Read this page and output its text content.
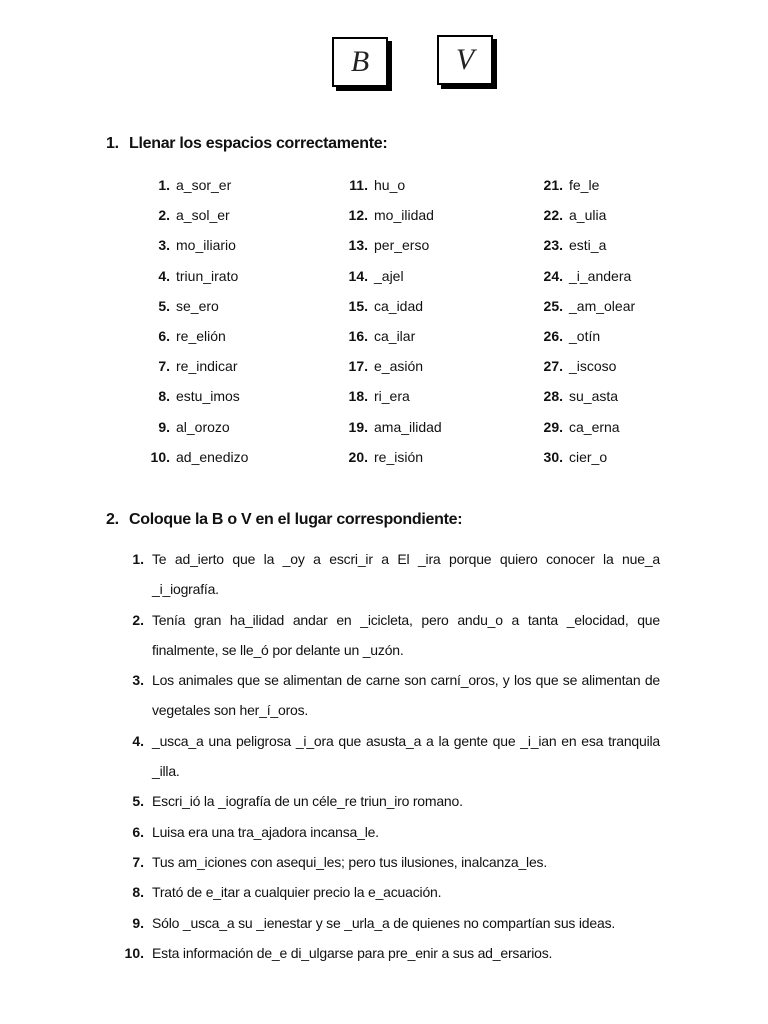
B	V
1. Llenar los espacios correctamente:
1. a_sor_er
2. a_sol_er
3. mo_iliario
4. triun_irato
5. se_ero
6. re_elión
7. re_indicar
8. estu_imos
9. al_orozo
10. ad_enedizo
11. hu_o
12. mo_ilidad
13. per_erso
14. _ajel
15. ca_idad
16. ca_ilar
17. e_asión
18. ri_era
19. ama_ilidad
20. re_isión
21. fe_le
22. a_ulia
23. esti_a
24. _i_andera
25. _am_olear
26. _otín
27. _iscoso
28. su_asta
29. ca_erna
30. cier_o
2. Coloque la B o V en el lugar correspondiente:
1. Te ad_ierto que la _oy a escri_ir a El _ira porque quiero conocer la nue_a _i_iografía.
2. Tenía gran ha_ilidad andar en _icicleta, pero andu_o a tanta _elocidad, que finalmente, se lle_ó por delante un _uzón.
3. Los animales que se alimentan de carne son carní_oros, y los que se alimentan de vegetales son her_í_oros.
4. _usca_a una peligrosa _i_ora que asusta_a a la gente que _i_ian en esa tranquila _illa.
5. Escri_ió la _iografía de un céle_re triun_iro romano.
6. Luisa era una tra_ajadora incansa_le.
7. Tus am_iciones con asequi_les; pero tus ilusiones, inalcanza_les.
8. Trató de e_itar a cualquier precio la e_acuación.
9. Sólo _usca_a su _ienestar y se _urla_a de quienes no compartían sus ideas.
10. Esta información de_e di_ulgarse para pre_enir a sus ad_ersarios.
